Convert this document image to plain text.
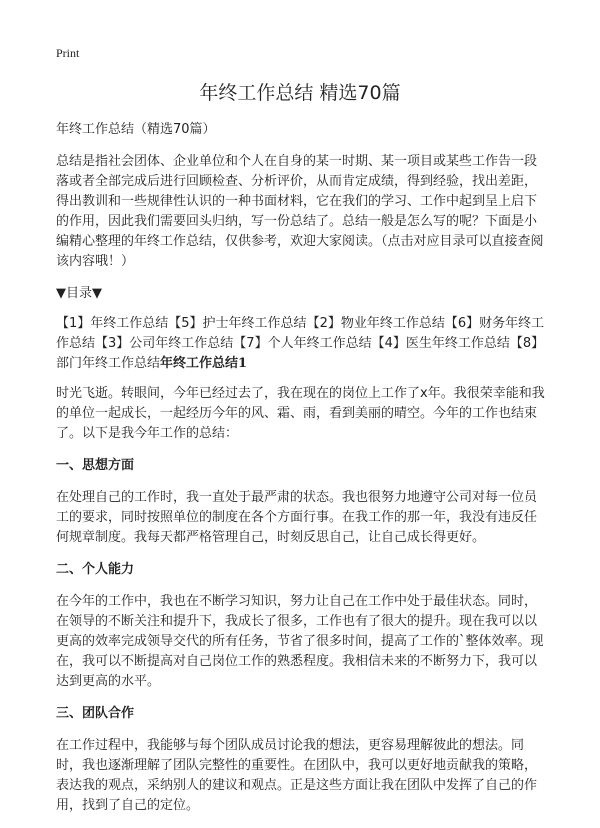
Print
年终工作总结 精选70篇

年终工作总结（精选70篇）

总结是指社会团体、企业单位和个人在自身的某一时期、某一项目或某些工作告一段落或者全部完成后进行回顾检查、分析评价，从而肯定成绩，得到经验，找出差距，得出教训和一些规律性认识的一种书面材料，它在我们的学习、工作中起到呈上启下的作用，因此我们需要回头归纳，写一份总结了。总结一般是怎么写的呢？下面是小编精心整理的年终工作总结，仅供参考，欢迎大家阅读。（点击对应目录可以直接查阅该内容哦！）

▼目录▼

【1】年终工作总结【5】护士年终工作总结【2】物业年终工作总结【6】财务年终工作总结【3】公司年终工作总结【7】个人年终工作总结【4】医生年终工作总结【8】部门年终工作总结年终工作总结1

时光飞逝。转眼间，今年已经过去了，我在现在的岗位上工作了x年。我很荣幸能和我的单位一起成长，一起经历今年的风、霜、雨，看到美丽的晴空。今年的工作也结束了。以下是我今年工作的总结：

一、思想方面

在处理自己的工作时，我一直处于最严肃的状态。我也很努力地遵守公司对每一位员工的要求，同时按照单位的制度在各个方面行事。在我工作的那一年，我没有违反任何规章制度。我每天都严格管理自己，时刻反思自己，让自己成长得更好。

二、个人能力

在今年的工作中，我也在不断学习知识，努力让自己在工作中处于最佳状态。同时，在领导的不断关注和提升下，我成长了很多，工作也有了很大的提升。现在我可以以更高的效率完成领导交代的所有任务，节省了很多时间，提高了工作的`整体效率。现在，我可以不断提高对自己岗位工作的熟悉程度。我相信未来的不断努力下，我可以达到更高的水平。

三、团队合作

在工作过程中，我能够与每个团队成员讨论我的想法，更容易理解彼此的想法。同时，我也逐渐理解了团队完整性的重要性。在团队中，我可以更好地贡献我的策略，表达我的观点，采纳别人的建议和观点。正是这些方面让我在团队中发挥了自己的作用，找到了自己的定位。
